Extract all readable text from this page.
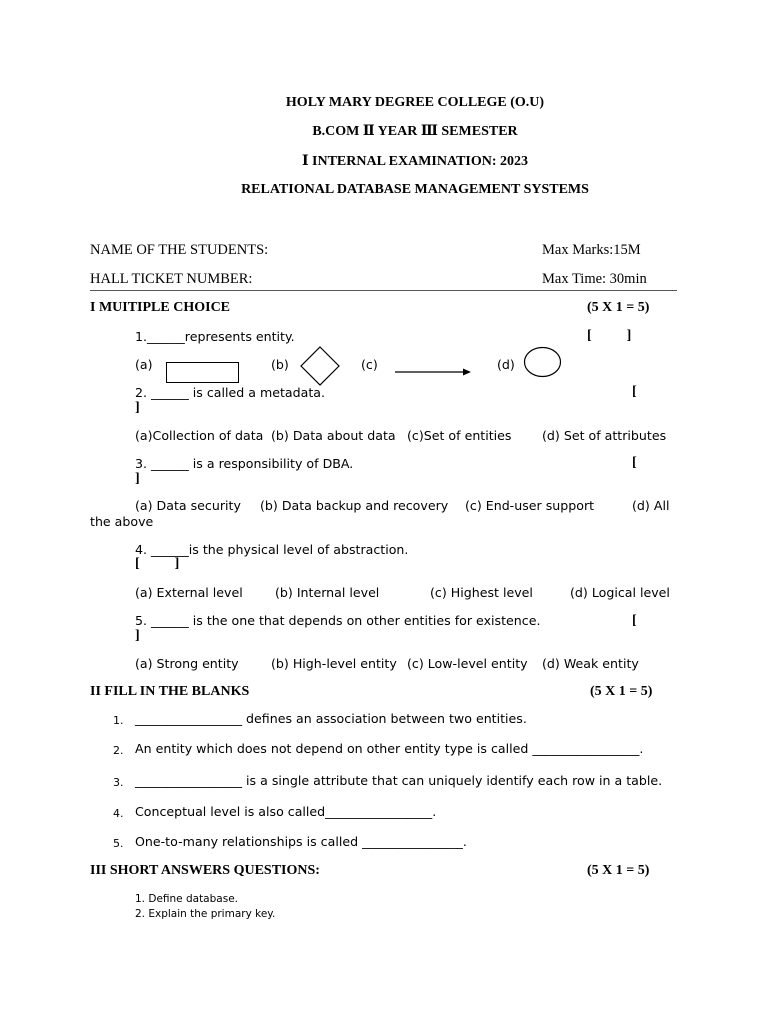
HOLY MARY DEGREE COLLEGE (O.U)
B.COM Ⅱ YEAR Ⅲ SEMESTER
Ⅰ INTERNAL EXAMINATION: 2023
RELATIONAL DATABASE MANAGEMENT SYSTEMS
NAME OF THE STUDENTS:	Max Marks:15M
HALL TICKET NUMBER:	Max Time: 30min
I MUITIPLE CHOICE	(5 X 1 = 5)
1.______represents entity.	[          ]
(a)	(b)	(c)	(d)
2. ______ is called a metadata.	[
]
(a)Collection of data (b) Data about data (c)Set of entities (d) Set of attributes
3. ______ is a responsibility of DBA.	[
]
(a) Data security (b) Data backup and recovery (c) End-user support	(d) All
the above
4. ______is the physical level of abstraction.
[          ]
(a) External level	(b) Internal level	(c) Highest level	(d) Logical level
5. ______ is the one that depends on other entities for existence.	[
]
(a) Strong entity	(b) High-level entity (c) Low-level entity (d) Weak entity
II FILL IN THE BLANKS	(5 X 1 = 5)
1. _________________ defines an association between two entities.
2. An entity which does not depend on other entity type is called _________________.
3. _________________ is a single attribute that can uniquely identify each row in a table.
4. Conceptual level is also called_________________.
5. One-to-many relationships is called ________________.
III SHORT ANSWERS QUESTIONS:	(5 X 1 = 5)
1. Define database.
2. Explain the primary key.
